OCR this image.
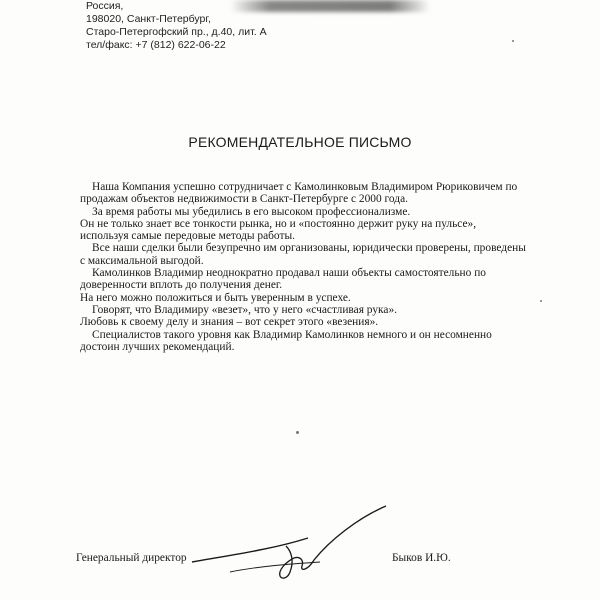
Россия,
198020, Санкт-Петербург,
Старо-Петергофский пр., д.40, лит. А
тел/факс: +7 (812) 622-06-22
РЕКОМЕНДАТЕЛЬНОЕ ПИСЬМО
Наша Компания успешно сотрудничает с Камолинковым Владимиром Рюриковичем по
продажам объектов недвижимости в Санкт-Петербурге с 2000 года.
За время работы мы убедились в его высоком профессионализме.
Он не только знает все тонкости рынка, но и «постоянно держит руку на пульсе»,
используя самые передовые методы работы.
Все наши сделки были безупречно им организованы, юридически проверены, проведены
с максимальной выгодой.
Камолинков Владимир неоднократно продавал наши объекты самостоятельно по
доверенности вплоть до получения денег.
На него можно положиться и быть уверенным в успехе.
Говорят, что Владимиру «везет», что у него «счастливая рука».
Любовь к своему делу и знания – вот секрет этого «везения».
Специалистов такого уровня как Владимир Камолинков немного и он несомненно
достоин лучших рекомендаций.
Генеральный директор	Быков И.Ю.
